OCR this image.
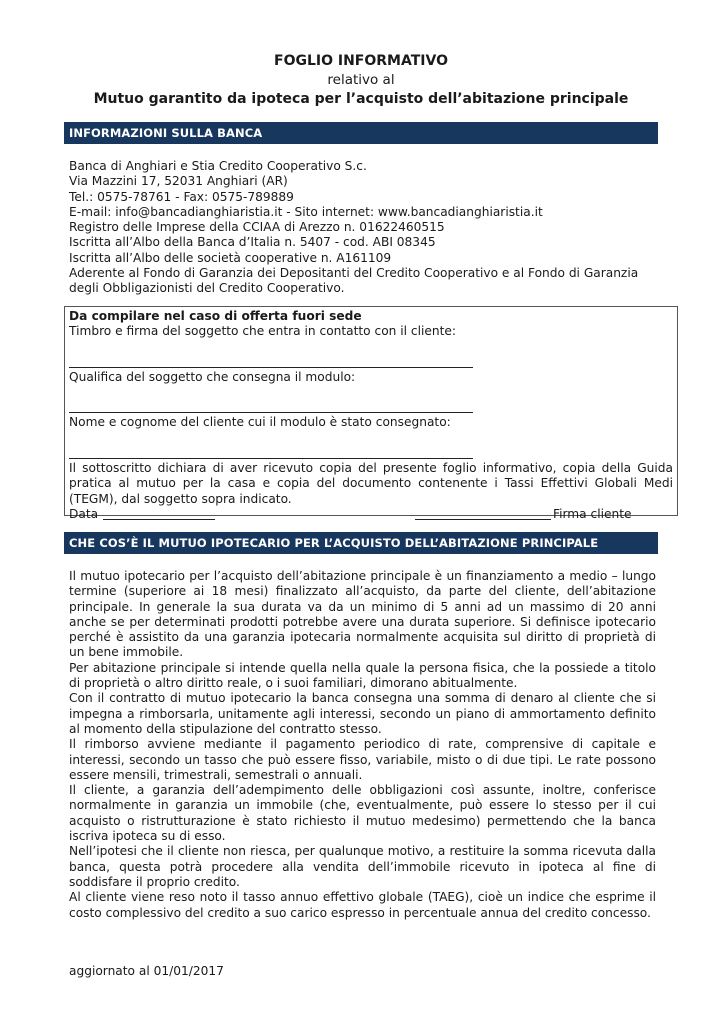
FOGLIO INFORMATIVO
relativo al
Mutuo garantito da ipoteca per l’acquisto dell’abitazione principale
INFORMAZIONI SULLA BANCA
Banca di Anghiari e Stia Credito Cooperativo S.c.
Via Mazzini 17, 52031 Anghiari (AR)
Tel.: 0575-78761 - Fax: 0575-789889
E-mail: info@bancadianghiaristia.it - Sito internet: www.bancadianghiaristia.it
Registro delle Imprese della CCIAA di Arezzo n. 01622460515
Iscritta all’Albo della Banca d’Italia n. 5407 - cod. ABI 08345
Iscritta all’Albo delle società cooperative n. A161109
Aderente al Fondo di Garanzia dei Depositanti del Credito Cooperativo e al Fondo di Garanzia
degli Obbligazionisti del Credito Cooperativo.
Da compilare nel caso di offerta fuori sede
Timbro e firma del soggetto che entra in contatto con il cliente:
Qualifica del soggetto che consegna il modulo:
Nome e cognome del cliente cui il modulo è stato consegnato:
Il sottoscritto dichiara di aver ricevuto copia del presente foglio informativo, copia della Guida
pratica al mutuo per la casa e copia del documento contenente i Tassi Effettivi Globali Medi
(TEGM), dal soggetto sopra indicato.
Data	Firma cliente
CHE COS’È IL MUTUO IPOTECARIO PER L’ACQUISTO DELL’ABITAZIONE PRINCIPALE
Il mutuo ipotecario per l’acquisto dell’abitazione principale è un finanziamento a medio – lungo
termine (superiore ai 18 mesi) finalizzato all’acquisto, da parte del cliente, dell’abitazione
principale. In generale la sua durata va da un minimo di 5 anni ad un massimo di 20 anni
anche se per determinati prodotti potrebbe avere una durata superiore. Si definisce ipotecario
perché è assistito da una garanzia ipotecaria normalmente acquisita sul diritto di proprietà di
un bene immobile.
Per abitazione principale si intende quella nella quale la persona fisica, che la possiede a titolo
di proprietà o altro diritto reale, o i suoi familiari, dimorano abitualmente.
Con il contratto di mutuo ipotecario la banca consegna una somma di denaro al cliente che si
impegna a rimborsarla, unitamente agli interessi, secondo un piano di ammortamento definito
al momento della stipulazione del contratto stesso.
Il rimborso avviene mediante il pagamento periodico di rate, comprensive di capitale e
interessi, secondo un tasso che può essere fisso, variabile, misto o di due tipi. Le rate possono
essere mensili, trimestrali, semestrali o annuali.
Il cliente, a garanzia dell’adempimento delle obbligazioni così assunte, inoltre, conferisce
normalmente in garanzia un immobile (che, eventualmente, può essere lo stesso per il cui
acquisto o ristrutturazione è stato richiesto il mutuo medesimo) permettendo che la banca
iscriva ipoteca su di esso.
Nell’ipotesi che il cliente non riesca, per qualunque motivo, a restituire la somma ricevuta dalla
banca, questa potrà procedere alla vendita dell’immobile ricevuto in ipoteca al fine di
soddisfare il proprio credito.
Al cliente viene reso noto il tasso annuo effettivo globale (TAEG), cioè un indice che esprime il
costo complessivo del credito a suo carico espresso in percentuale annua del credito concesso.
aggiornato al 01/01/2017
